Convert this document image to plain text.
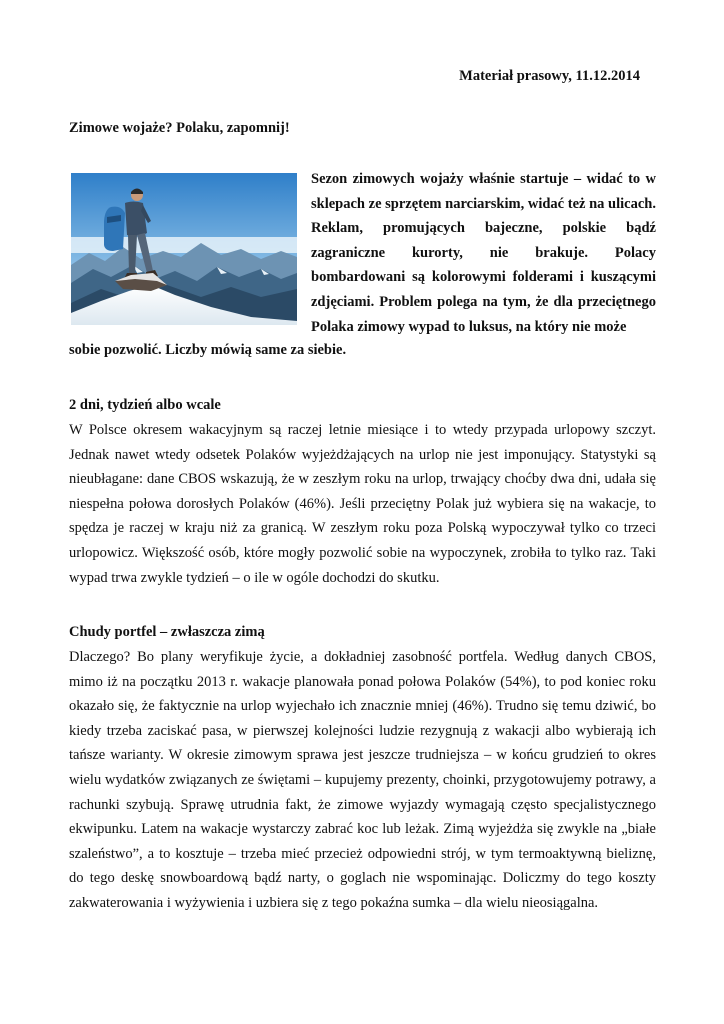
Materiał prasowy, 11.12.2014
Zimowe wojaże? Polaku, zapomnij!

Sezon zimowych wojaży właśnie startuje – widać to w sklepach ze sprzętem narciarskim, widać też na ulicach. Reklam, promujących bajeczne, polskie bądź zagraniczne kurorty, nie brakuje. Polacy bombardowani są kolorowymi folderami i kuszącymi zdjęciami. Problem polega na tym, że dla przeciętnego Polaka zimowy wypad to luksus, na który nie może

sobie pozwolić. Liczby mówią same za siebie.

2 dni, tydzień albo wcale

W Polsce okresem wakacyjnym są raczej letnie miesiące i to wtedy przypada urlopowy szczyt. Jednak nawet wtedy odsetek Polaków wyjeżdżających na urlop nie jest imponujący. Statystyki są nieubłagane: dane CBOS wskazują, że w zeszłym roku na urlop, trwający choćby dwa dni, udała się niespełna połowa dorosłych Polaków (46%). Jeśli przeciętny Polak już wybiera się na wakacje, to spędza je raczej w kraju niż za granicą. W zeszłym roku poza Polską wypoczywał tylko co trzeci urlopowicz. Większość osób, które mogły pozwolić sobie na wypoczynek, zrobiła to tylko raz. Taki wypad trwa zwykle tydzień – o ile w ogóle dochodzi do skutku.

Chudy portfel – zwłaszcza zimą

Dlaczego? Bo plany weryfikuje życie, a dokładniej zasobność portfela. Według danych CBOS, mimo iż na początku 2013 r. wakacje planowała ponad połowa Polaków (54%), to pod koniec roku okazało się, że faktycznie na urlop wyjechało ich znacznie mniej (46%). Trudno się temu dziwić, bo kiedy trzeba zaciskać pasa, w pierwszej kolejności ludzie rezygnują z wakacji albo wybierają ich tańsze warianty. W okresie zimowym sprawa jest jeszcze trudniejsza – w końcu grudzień to okres wielu wydatków związanych ze świętami – kupujemy prezenty, choinki, przygotowujemy potrawy, a rachunki szybują. Sprawę utrudnia fakt, że zimowe wyjazdy wymagają często specjalistycznego ekwipunku. Latem na wakacje wystarczy zabrać koc lub leżak. Zimą wyjeżdża się zwykle na „białe szaleństwo”, a to kosztuje – trzeba mieć przecież odpowiedni strój, w tym termoaktywną bieliznę, do tego deskę snowboardową bądź narty, o goglach nie wspominając. Doliczmy do tego koszty zakwaterowania i wyżywienia i uzbiera się z tego pokaźna sumka – dla wielu nieosiągalna.
